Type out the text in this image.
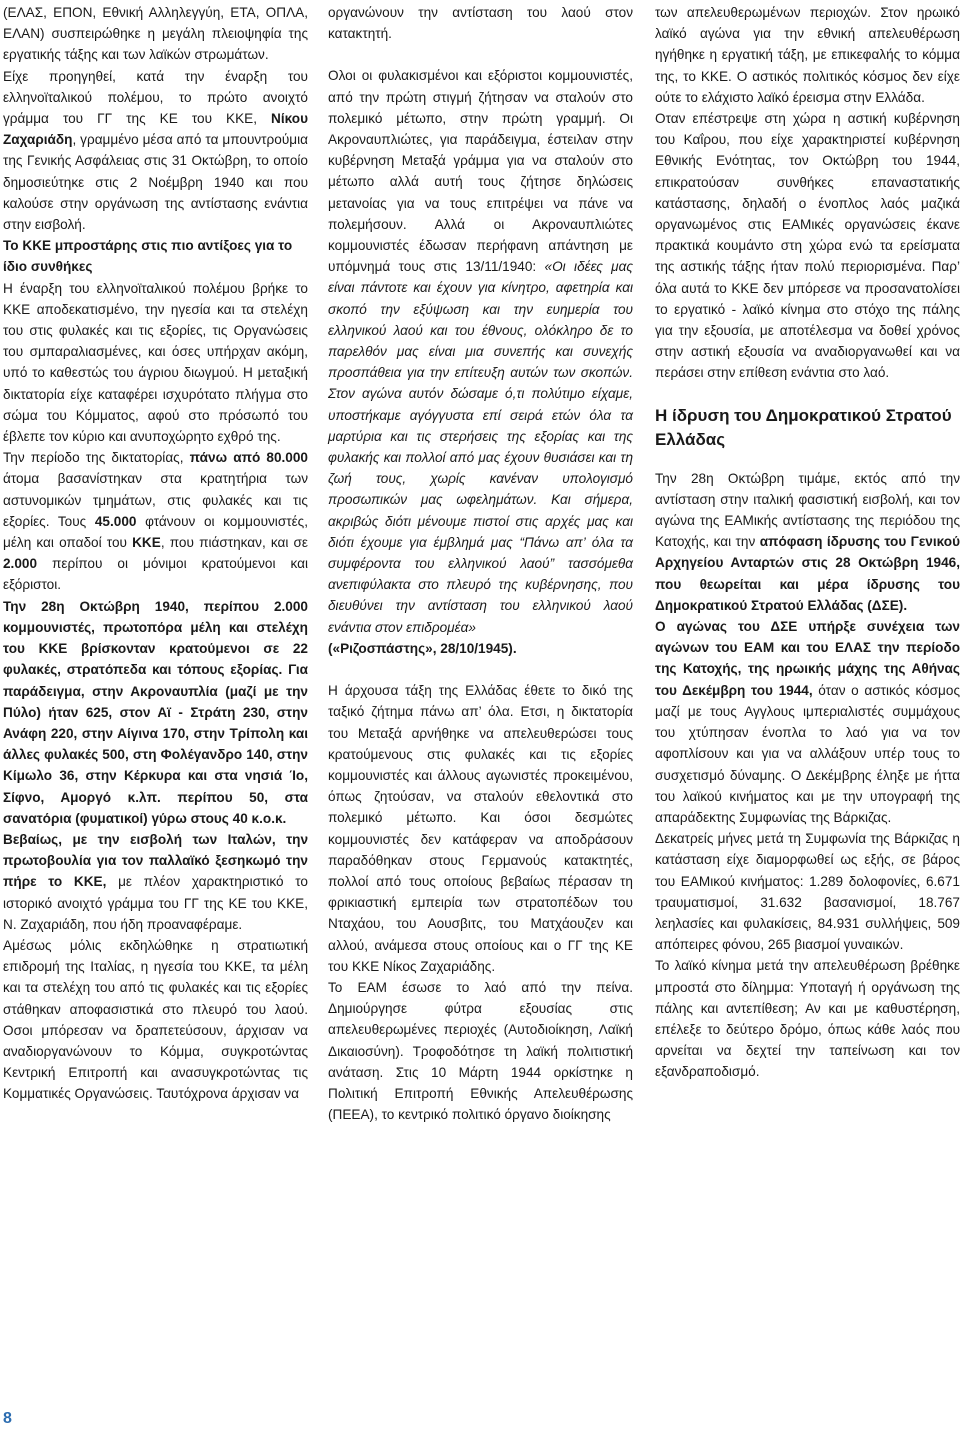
(ΕΛΑΣ, ΕΠΟΝ, Εθνική Αλληλεγγύη, ΕΤΑ, ΟΠΛΑ, ΕΛΑΝ) συσπειρώθηκε η μεγάλη πλειοψηφία της εργατικής τάξης και των λαϊκών στρωμάτων.

Είχε προηγηθεί, κατά την έναρξη του ελληνοϊταλικού πολέμου, το πρώτο ανοιχτό γράμμα του ΓΓ της ΚΕ του ΚΚΕ, Νίκου Ζαχαριάδη, γραμμένο μέσα από τα μπουντρούμια της Γενικής Ασφάλειας στις 31 Οκτώβρη, το οποίο δημοσιεύτηκε στις 2 Νοέμβρη 1940 και που καλούσε στην οργάνωση της αντίστασης ενάντια στην εισβολή.

Το ΚΚΕ μπροστάρης στις πιο αντίξοες για το ίδιο συνθήκες

Η έναρξη του ελληνοϊταλικού πολέμου βρήκε το ΚΚΕ αποδεκατισμένο, την ηγεσία και τα στελέχη του στις φυλακές και τις εξορίες, τις Οργανώσεις του σμπαραλιασμένες, και όσες υπήρχαν ακόμη, υπό το καθεστώς του άγριου διωγμού. Η μεταξική δικτατορία είχε καταφέρει ισχυρότατο πλήγμα στο σώμα του Κόμματος, αφού στο πρόσωπό του έβλεπε τον κύριο και ανυποχώρητο εχθρό της.

Την περίοδο της δικτατορίας, πάνω από 80.000 άτομα βασανίστηκαν στα κρατητήρια των αστυνομικών τμημάτων, στις φυλακές και τις εξορίες. Τους 45.000 φτάνουν οι κομμουνιστές, μέλη και οπαδοί του ΚΚΕ, που πιάστηκαν, και σε 2.000 περίπου οι μόνιμοι κρατούμενοι και εξόριστοι.

Την 28η Οκτώβρη 1940, περίπου 2.000 κομμουνιστές, πρωτοπόρα μέλη και στελέχη του ΚΚΕ βρίσκονταν κρατούμενοι σε 22 φυλακές, στρατόπεδα και τόπους εξορίας. Για παράδειγμα, στην Ακροναυπλία (μαζί με την Πύλο) ήταν 625, στον Αϊ - Στράτη 230, στην Ανάφη 220, στην Αίγινα 170, στην Τρίπολη και άλλες φυλακές 500, στη Φολέγανδρο 140, στην Κίμωλο 36, στην Κέρκυρα και στα νησιά Ίο, Σίφνο, Αμοργό κ.λπ. περίπου 50, στα σανατόρια (φυματικοί) γύρω στους 40 κ.ο.κ.

Βεβαίως, με την εισβολή των Ιταλών, την πρωτοβουλία για τον παλλαϊκό ξεσηκωμό την πήρε το ΚΚΕ, με πλέον χαρακτηριστικό το ιστορικό ανοιχτό γράμμα του ΓΓ της ΚΕ του ΚΚΕ, Ν. Ζαχαριάδη, που ήδη προαναφέραμε.

Αμέσως μόλις εκδηλώθηκε η στρατιωτική επιδρομή της Ιταλίας, η ηγεσία του ΚΚΕ, τα μέλη και τα στελέχη του από τις φυλακές και τις εξορίες στάθηκαν αποφασιστικά στο πλευρό του λαού. Οσοι μπόρεσαν να δραπετεύσουν, άρχισαν να αναδιοργανώνουν το Κόμμα, συγκροτώντας Κεντρική Επιτροπή και ανασυγκροτώντας τις Κομματικές Οργανώσεις. Ταυτόχρονα άρχισαν να

οργανώνουν την αντίσταση του λαού στον κατακτητή.

Ολοι οι φυλακισμένοι και εξόριστοι κομμουνιστές, από την πρώτη στιγμή ζήτησαν να σταλούν στο πολεμικό μέτωπο, στην πρώτη γραμμή. Οι Ακροναυπλιώτες, για παράδειγμα, έστειλαν στην κυβέρνηση Μεταξά γράμμα για να σταλούν στο μέτωπο αλλά αυτή τους ζήτησε δηλώσεις μετανοίας για να τους επιτρέψει να πάνε να πολεμήσουν. Αλλά οι Ακροναυπλιώτες κομμουνιστές έδωσαν περήφανη απάντηση με υπόμνημά τους στις 13/11/1940: «Οι ιδέες μας είναι πάντοτε και έχουν για κίνητρο, αφετηρία και σκοπό την εξύψωση και την ευημερία του ελληνικού λαού και του έθνους, ολόκληρο δε το παρελθόν μας είναι μια συνεπής και συνεχής προσπάθεια για την επίτευξη αυτών των σκοπών. Στον αγώνα αυτόν δώσαμε ό,τι πολύτιμο είχαμε, υποστήκαμε αγόγγυστα επί σειρά ετών όλα τα μαρτύρια και τις στερήσεις της εξορίας και της φυλακής και πολλοί από μας έχουν θυσιάσει και τη ζωή τους, χωρίς κανέναν υπολογισμό προσωπικών μας ωφελημάτων. Και σήμερα, ακριβώς διότι μένουμε πιστοί στις αρχές μας και διότι έχουμε για έμβλημά μας “Πάνω απ’ όλα τα συμφέροντα του ελληνικού λαού” τασσόμεθα ανεπιφύλακτα στο πλευρό της κυβέρνησης, που διευθύνει την αντίσταση του ελληνικού λαού ενάντια στον επιδρομέα»
(«Ριζοσπάστης», 28/10/1945).

Η άρχουσα τάξη της Ελλάδας έθετε το δικό της ταξικό ζήτημα πάνω απ’ όλα. Ετσι, η δικτατορία του Μεταξά αρνήθηκε να απελευθερώσει τους κρατούμενους στις φυλακές και τις εξορίες κομμουνιστές και άλλους αγωνιστές προκειμένου, όπως ζητούσαν, να σταλούν εθελοντικά στο πολεμικό μέτωπο. Και όσοι δεσμώτες κομμουνιστές δεν κατάφεραν να αποδράσουν παραδόθηκαν στους Γερμανούς κατακτητές, πολλοί από τους οποίους βεβαίως πέρασαν τη φρικιαστική εμπειρία των στρατοπέδων του Νταχάου, του Αουσβιτς, του Ματχάουζεν και αλλού, ανάμεσα στους οποίους και ο ΓΓ της ΚΕ του ΚΚΕ Νίκος Ζαχαριάδης.

Το ΕΑΜ έσωσε το λαό από την πείνα. Δημιούργησε φύτρα εξουσίας στις απελευθερωμένες περιοχές (Αυτοδιοίκηση, Λαϊκή Δικαιοσύνη). Τροφοδότησε τη λαϊκή πολιτιστική ανάταση. Στις 10 Μάρτη 1944 ορκίστηκε η Πολιτική Επιτροπή Εθνικής Απελευθέρωσης (ΠΕΕΑ), το κεντρικό πολιτικό όργανο διοίκησης

των απελευθερωμένων περιοχών. Στον ηρωικό λαϊκό αγώνα για την εθνική απελευθέρωση ηγήθηκε η εργατική τάξη, με επικεφαλής το κόμμα της, το ΚΚΕ. Ο αστικός πολιτικός κόσμος δεν είχε ούτε το ελάχιστο λαϊκό έρεισμα στην Ελλάδα.

Οταν επέστρεψε στη χώρα η αστική κυβέρνηση του Καΐρου, που είχε χαρακτηριστεί κυβέρνηση Εθνικής Ενότητας, τον Οκτώβρη του 1944, επικρατούσαν συνθήκες επαναστατικής κατάστασης, δηλαδή ο ένοπλος λαός μαζικά οργανωμένος στις ΕΑΜικές οργανώσεις έκανε πρακτικά κουμάντο στη χώρα ενώ τα ερείσματα της αστικής τάξης ήταν πολύ περιορισμένα. Παρ’ όλα αυτά το ΚΚΕ δεν μπόρεσε να προσανατολίσει το εργατικό - λαϊκό κίνημα στο στόχο της πάλης για την εξουσία, με αποτέλεσμα να δοθεί χρόνος στην αστική εξουσία να αναδιοργανωθεί και να περάσει στην επίθεση ενάντια στο λαό.

Η ίδρυση του Δημοκρατικού Στρατού Ελλάδας

Την 28η Οκτώβρη τιμάμε, εκτός από την αντίσταση στην ιταλική φασιστική εισβολή, και τον αγώνα της ΕΑΜικής αντίστασης της περιόδου της Κατοχής, και την απόφαση ίδρυσης του Γενικού Αρχηγείου Ανταρτών στις 28 Οκτώβρη 1946, που θεωρείται και μέρα ίδρυσης του Δημοκρατικού Στρατού Ελλάδας (ΔΣΕ).

Ο αγώνας του ΔΣΕ υπήρξε συνέχεια των αγώνων του ΕΑΜ και του ΕΛΑΣ την περίοδο της Κατοχής, της ηρωικής μάχης της Αθήνας του Δεκέμβρη του 1944, όταν ο αστικός κόσμος μαζί με τους Αγγλους ιμπεριαλιστές συμμάχους του χτύπησαν ένοπλα το λαό για να τον αφοπλίσουν και για να αλλάξουν υπέρ τους το συσχετισμό δύναμης. Ο Δεκέμβρης έληξε με ήττα του λαϊκού κινήματος και με την υπογραφή της απαράδεκτης Συμφωνίας της Βάρκιζας.

Δεκατρείς μήνες μετά τη Συμφωνία της Βάρκιζας η κατάσταση είχε διαμορφωθεί ως εξής, σε βάρος του ΕΑΜικού κινήματος: 1.289 δολοφονίες, 6.671 τραυματισμοί, 31.632 βασανισμοί, 18.767 λεηλασίες και φυλακίσεις, 84.931 συλλήψεις, 509 απόπειρες φόνου, 265 βιασμοί γυναικών.

Το λαϊκό κίνημα μετά την απελευθέρωση βρέθηκε μπροστά στο δίλημμα: Υποταγή ή οργάνωση της πάλης και αντεπίθεση; Αν και με καθυστέρηση, επέλεξε το δεύτερο δρόμο, όπως κάθε λαός που αρνείται να δεχτεί την ταπείνωση και τον εξανδραποδισμό.

8
